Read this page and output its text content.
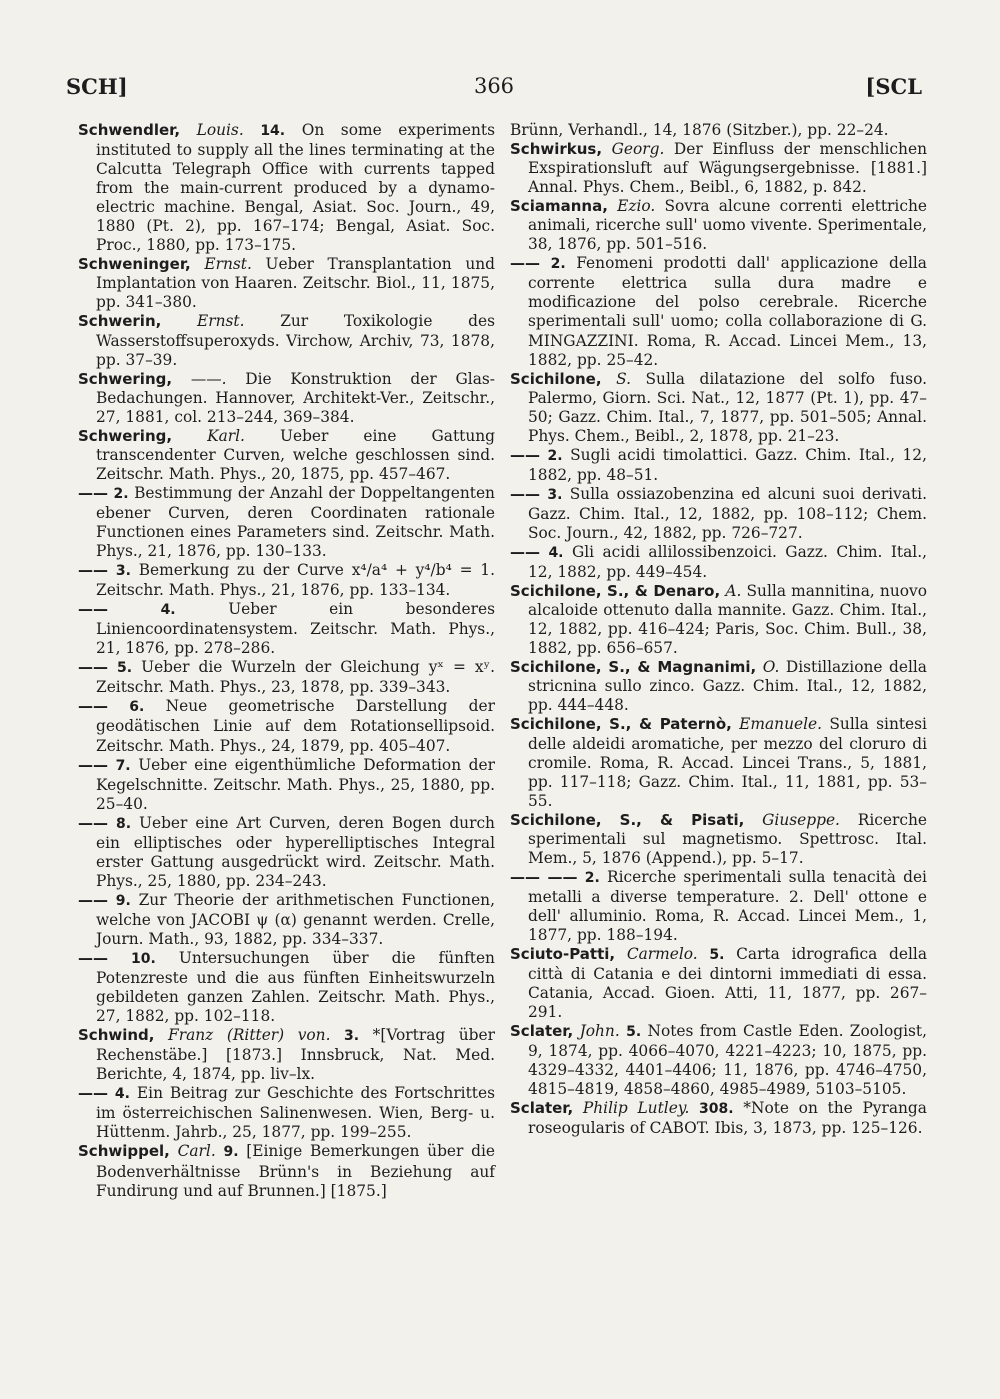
SCH]	366	[SCL

Schwendler, Louis. 14. On some experiments instituted to supply all the lines terminating at the Calcutta Telegraph Office with currents tapped from the main-current produced by a dynamo-electric machine. Bengal, Asiat. Soc. Journ., 49, 1880 (Pt. 2), pp. 167–174; Bengal, Asiat. Soc. Proc., 1880, pp. 173–175.

Schweninger, Ernst. Ueber Transplantation und Implantation von Haaren. Zeitschr. Biol., 11, 1875, pp. 341–380.

Schwerin, Ernst. Zur Toxikologie des Wasserstoffsuperoxyds. Virchow, Archiv, 73, 1878, pp. 37–39.

Schwering, ——. Die Konstruktion der Glas-Bedachungen. Hannover, Architekt-Ver., Zeitschr., 27, 1881, col. 213–244, 369–384.

Schwering, Karl. Ueber eine Gattung transcendenter Curven, welche geschlossen sind. Zeitschr. Math. Phys., 20, 1875, pp. 457–467.

—— 2. Bestimmung der Anzahl der Doppeltangenten ebener Curven, deren Coordinaten rationale Functionen eines Parameters sind. Zeitschr. Math. Phys., 21, 1876, pp. 130–133.

—— 3. Bemerkung zu der Curve x⁴/a⁴ + y⁴/b⁴ = 1. Zeitschr. Math. Phys., 21, 1876, pp. 133–134.

——	4.	Ueber ein besonderes Liniencoordinatensystem. Zeitschr. Math. Phys., 21, 1876, pp. 278–286.

—— 5. Ueber die Wurzeln der Gleichung yˣ = xʸ. Zeitschr. Math. Phys., 23, 1878, pp. 339–343.

—— 6. Neue geometrische Darstellung der geodätischen Linie auf dem Rotationsellipsoid. Zeitschr. Math. Phys., 24, 1879, pp. 405–407.

—— 7. Ueber eine eigenthümliche Deformation der Kegelschnitte. Zeitschr. Math. Phys., 25, 1880, pp. 25–40.

—— 8. Ueber eine Art Curven, deren Bogen durch ein elliptisches oder hyperelliptisches Integral erster Gattung ausgedrückt wird. Zeitschr. Math. Phys., 25, 1880, pp. 234–243.

—— 9. Zur Theorie der arithmetischen Functionen, welche von JACOBI ψ (α) genannt werden. Crelle, Journ. Math., 93, 1882, pp. 334–337.

—— 10. Untersuchungen über die fünften Potenzreste und die aus fünften Einheitswurzeln gebildeten ganzen Zahlen. Zeitschr. Math. Phys., 27, 1882, pp. 102–118.

Schwind, Franz (Ritter) von. 3. *[Vortrag über Rechenstäbe.] [1873.] Innsbruck, Nat. Med. Berichte, 4, 1874, pp. liv–lx.

—— 4. Ein Beitrag zur Geschichte des Fortschrittes im österreichischen Salinenwesen. Wien, Berg- u. Hüttenm. Jahrb., 25, 1877, pp. 199–255.

Schwippel, Carl. 9. [Einige Bemerkungen über die Bodenverhältnisse Brünn's in Beziehung auf Fundirung und auf Brunnen.] [1875.]

Brünn, Verhandl., 14, 1876 (Sitzber.), pp. 22–24.

Schwirkus, Georg. Der Einfluss der menschlichen Exspirationsluft auf Wägungsergebnisse. [1881.] Annal. Phys. Chem., Beibl., 6, 1882, p. 842.

Sciamanna, Ezio. Sovra alcune correnti elettriche animali, ricerche sull' uomo vivente. Sperimentale, 38, 1876, pp. 501–516.

—— 2. Fenomeni prodotti dall' applicazione della corrente elettrica sulla dura madre e modificazione del polso cerebrale. Ricerche sperimentali sull' uomo; colla collaborazione di G. MINGAZZINI. Roma, R. Accad. Lincei Mem., 13, 1882, pp. 25–42.

Scichilone, S. Sulla dilatazione del solfo fuso. Palermo, Giorn. Sci. Nat., 12, 1877 (Pt. 1), pp. 47–50; Gazz. Chim. Ital., 7, 1877, pp. 501–505; Annal. Phys. Chem., Beibl., 2, 1878, pp. 21–23.

—— 2. Sugli acidi timolattici. Gazz. Chim. Ital., 12, 1882, pp. 48–51.

—— 3. Sulla ossiazobenzina ed alcuni suoi derivati. Gazz. Chim. Ital., 12, 1882, pp. 108–112; Chem. Soc. Journ., 42, 1882, pp. 726–727.

—— 4. Gli acidi allilossibenzoici. Gazz. Chim. Ital., 12, 1882, pp. 449–454.

Scichilone, S., & Denaro, A. Sulla mannitina, nuovo alcaloide ottenuto dalla mannite. Gazz. Chim. Ital., 12, 1882, pp. 416–424; Paris, Soc. Chim. Bull., 38, 1882, pp. 656–657.

Scichilone, S., & Magnanimi, O. Distillazione della stricnina sullo zinco. Gazz. Chim. Ital., 12, 1882, pp. 444–448.

Scichilone, S., & Paternò, Emanuele. Sulla sintesi delle aldeidi aromatiche, per mezzo del cloruro di cromile. Roma, R. Accad. Lincei Trans., 5, 1881, pp. 117–118; Gazz. Chim. Ital., 11, 1881, pp. 53–55.

Scichilone, S., & Pisati, Giuseppe. Ricerche sperimentali sul magnetismo. Spettrosc. Ital. Mem., 5, 1876 (Append.), pp. 5–17.

—— —— 2. Ricerche sperimentali sulla tenacità dei metalli a diverse temperature. 2. Dell' ottone e dell' alluminio. Roma, R. Accad. Lincei Mem., 1, 1877, pp. 188–194.

Sciuto-Patti, Carmelo. 5. Carta idrografica della città di Catania e dei dintorni immediati di essa. Catania, Accad. Gioen. Atti, 11, 1877, pp. 267–291.

Sclater, John. 5. Notes from Castle Eden. Zoologist, 9, 1874, pp. 4066–4070, 4221–4223; 10, 1875, pp. 4329–4332, 4401–4406; 11, 1876, pp. 4746–4750, 4815–4819, 4858–4860, 4985–4989, 5103–5105.

Sclater, Philip Lutley. 308. *Note on the Pyranga roseogularis of CABOT. Ibis, 3, 1873, pp. 125–126.
